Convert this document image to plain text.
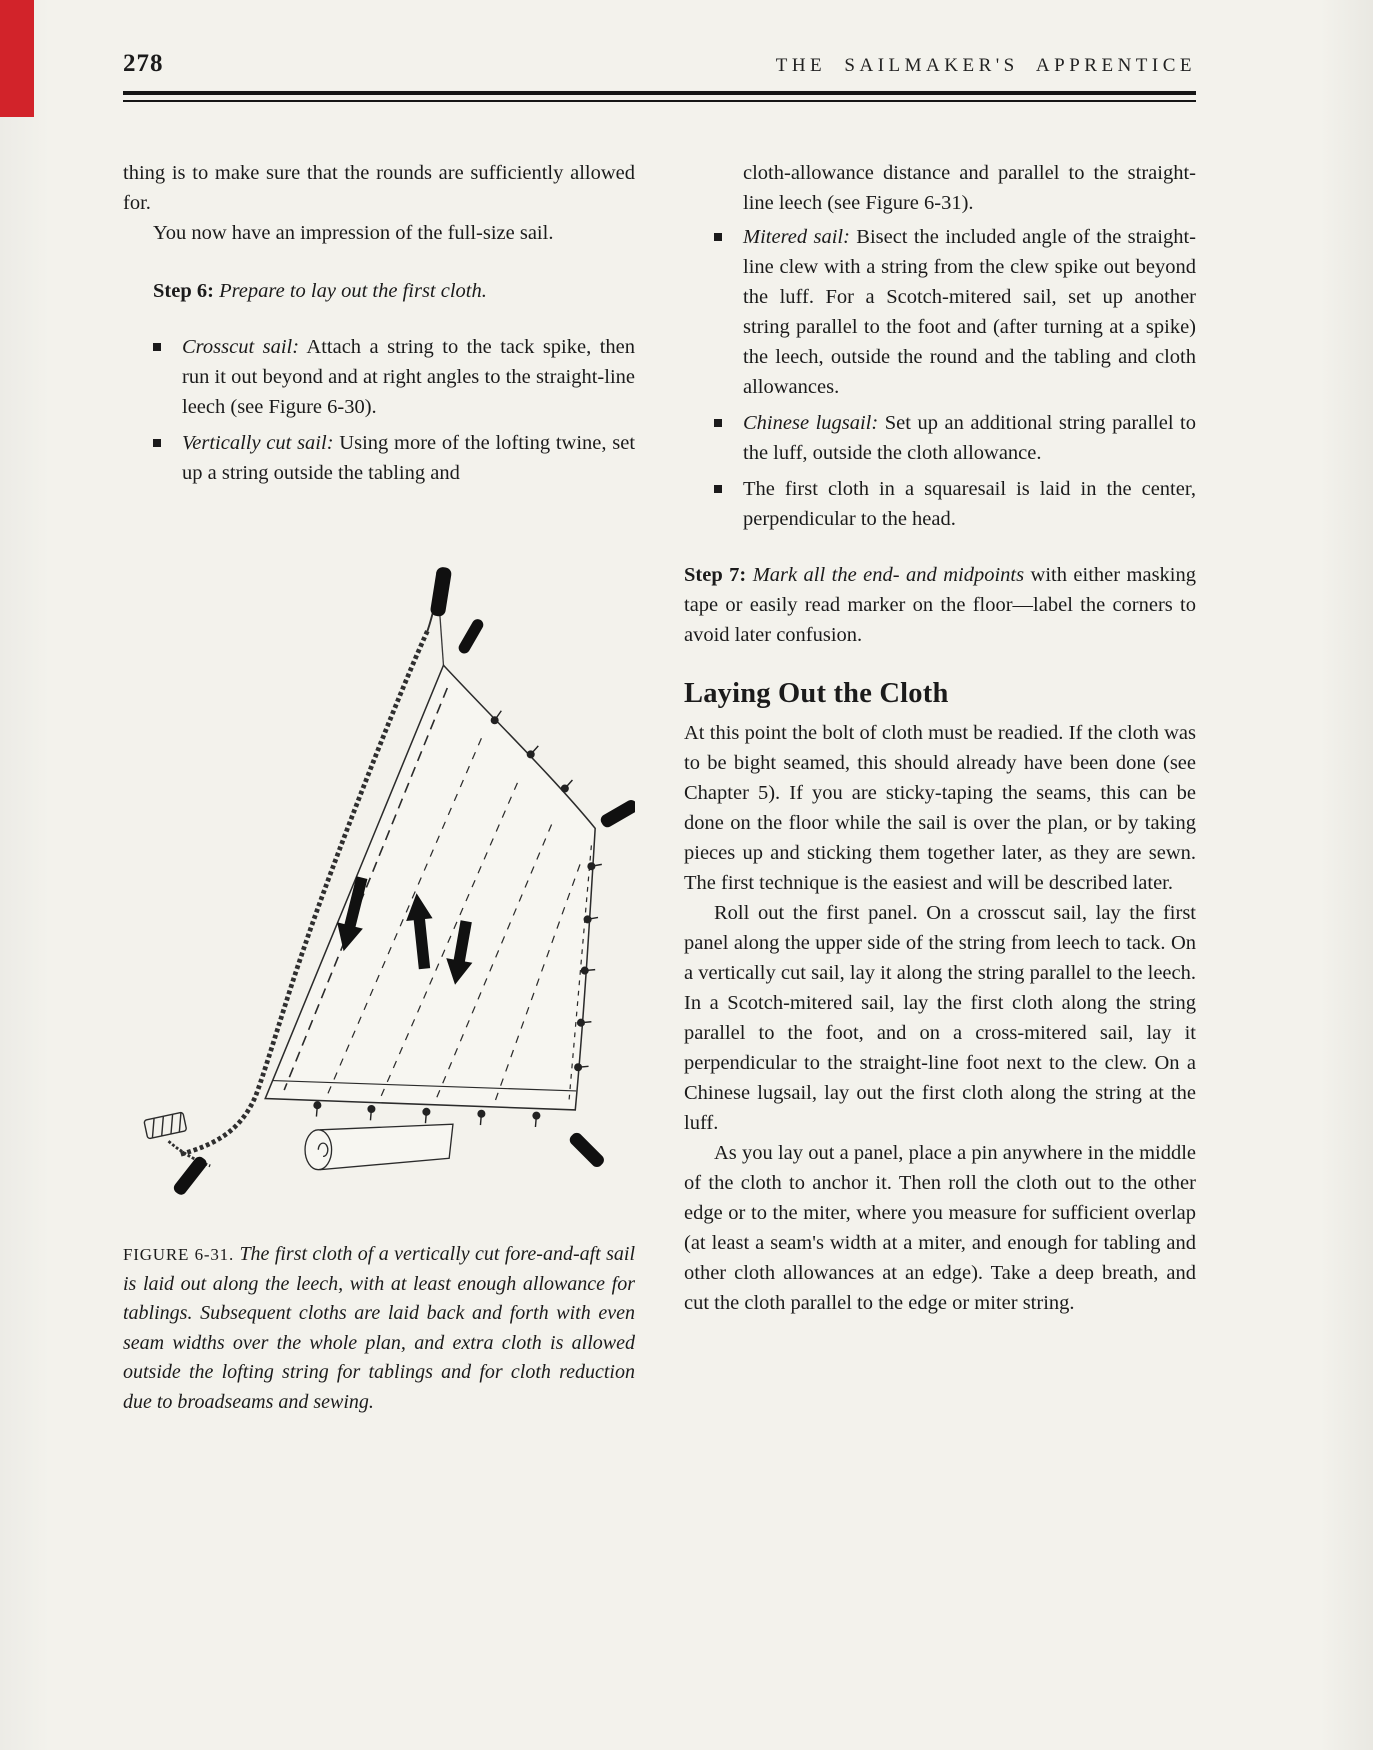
278	THE SAILMAKER'S APPRENTICE

thing is to make sure that the rounds are sufficiently allowed for.

You now have an impression of the full-size sail.

Step 6: Prepare to lay out the first cloth.

Crosscut sail: Attach a string to the tack spike, then run it out beyond and at right angles to the straight-line leech (see Figure 6-30).

Vertically cut sail: Using more of the lofting twine, set up a string outside the tabling and

FIGURE 6-31. The first cloth of a vertically cut fore-and-aft sail is laid out along the leech, with at least enough allowance for tablings. Subsequent cloths are laid back and forth with even seam widths over the whole plan, and extra cloth is allowed outside the lofting string for tablings and for cloth reduction due to broadseams and sewing.

cloth-allowance distance and parallel to the straight-line leech (see Figure 6-31).

Mitered sail: Bisect the included angle of the straight-line clew with a string from the clew spike out beyond the luff. For a Scotch-mitered sail, set up another string parallel to the foot and (after turning at a spike) the leech, outside the round and the tabling and cloth allowances.

Chinese lugsail: Set up an additional string parallel to the luff, outside the cloth allowance.

The first cloth in a squaresail is laid in the center, perpendicular to the head.

Step 7: Mark all the end- and midpoints with either masking tape or easily read marker on the floor—label the corners to avoid later confusion.

Laying Out the Cloth

At this point the bolt of cloth must be readied. If the cloth was to be bight seamed, this should already have been done (see Chapter 5). If you are sticky-taping the seams, this can be done on the floor while the sail is over the plan, or by taking pieces up and sticking them together later, as they are sewn. The first technique is the easiest and will be described later.

Roll out the first panel. On a crosscut sail, lay the first panel along the upper side of the string from leech to tack. On a vertically cut sail, lay it along the string parallel to the leech. In a Scotch-mitered sail, lay the first cloth along the string parallel to the foot, and on a cross-mitered sail, lay it perpendicular to the straight-line foot next to the clew. On a Chinese lugsail, lay out the first cloth along the string at the luff.

As you lay out a panel, place a pin anywhere in the middle of the cloth to anchor it. Then roll the cloth out to the other edge or to the miter, where you measure for sufficient overlap (at least a seam's width at a miter, and enough for tabling and other cloth allowances at an edge). Take a deep breath, and cut the cloth parallel to the edge or miter string.
